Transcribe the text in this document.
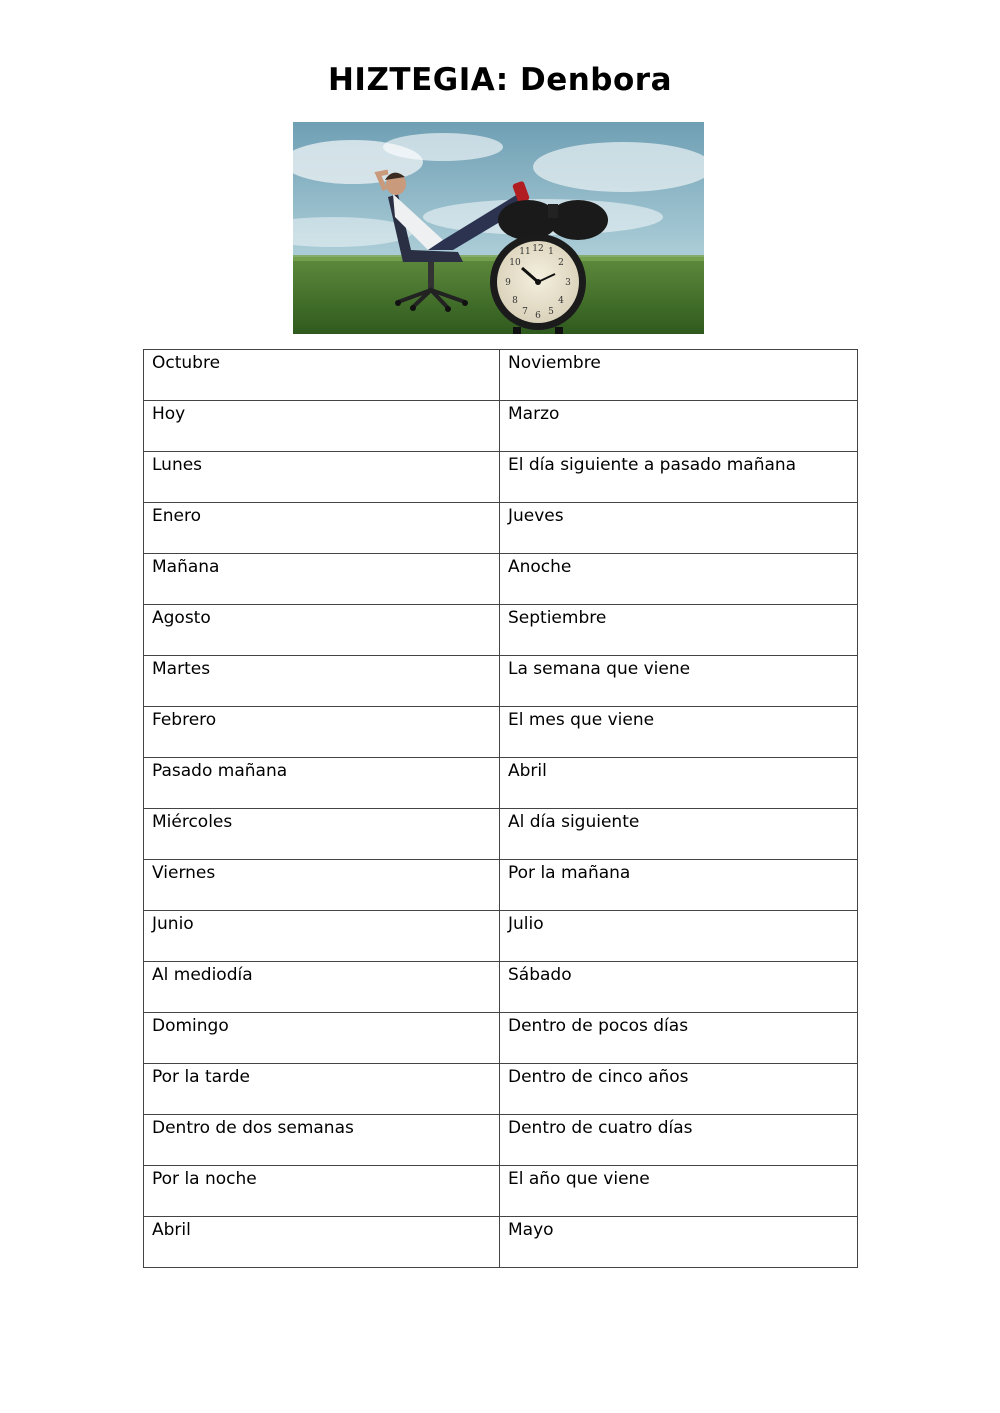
HIZTEGIA: Denbora
11 12 1
2
3
4
5
6
7
8
9
10
Octubre	Noviembre
Hoy	Marzo
Lunes	El día siguiente a pasado mañana
Enero	Jueves
Mañana	Anoche
Agosto	Septiembre
Martes	La semana que viene
Febrero	El mes que viene
Pasado mañana	Abril
Miércoles	Al día siguiente
Viernes	Por la mañana
Junio	Julio
Al mediodía	Sábado
Domingo	Dentro de pocos días
Por la tarde	Dentro de cinco años
Dentro de dos semanas	Dentro de cuatro días
Por la noche	El año que viene
Abril	Mayo
